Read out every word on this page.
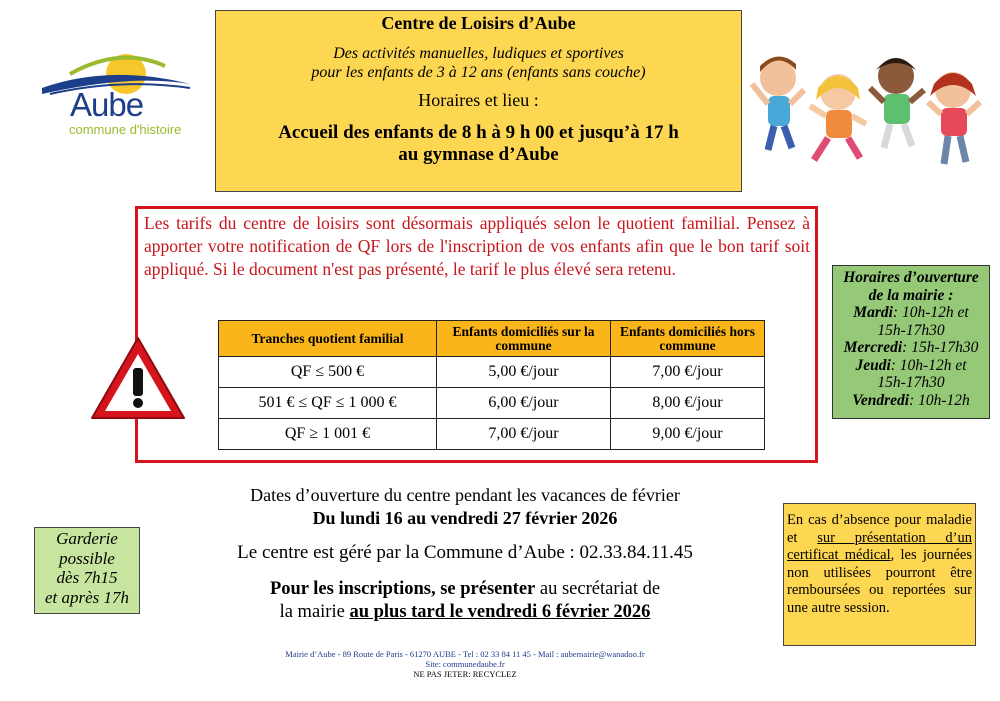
Aube
commune d'histoire
Centre de Loisirs d’Aube
Des activités manuelles, ludiques et sportives
pour les enfants de 3 à 12 ans (enfants sans couche)
Horaires et lieu :
Accueil des enfants de 8 h à 9 h 00 et jusqu’à 17 h
au gymnase d’Aube
Les tarifs du centre de loisirs sont désormais appliqués selon le quotient familial. Pensez à apporter votre notification de QF lors de l'inscription de vos enfants afin que le bon tarif soit appliqué. Si le document n'est pas présenté, le tarif le plus élevé sera retenu.
Tranches quotient familial	Enfants domiciliés sur la commune	Enfants domiciliés hors commune
QF ≤ 500 €	5,00 €/jour	7,00 €/jour
501 € ≤ QF ≤ 1 000 €	6,00 €/jour	8,00 €/jour
QF ≥ 1 001 €	7,00 €/jour	9,00 €/jour
Horaires d’ouverture
de la mairie :
Mardi: 10h-12h et
15h-17h30
Mercredi: 15h-17h30
Jeudi: 10h-12h et
15h-17h30
Vendredi: 10h-12h
Garderie
possible
dès 7h15
et après 17h
Dates d’ouverture du centre pendant les vacances de février
Du lundi 16 au vendredi 27 février 2026
Le centre est géré par la Commune d’Aube : 02.33.84.11.45
Pour les inscriptions, se présenter au secrétariat de
la mairie au plus tard le vendredi 6 février 2026
En cas d’absence pour maladie et sur présentation d’un certificat médical, les journées non utilisées pourront être remboursées ou reportées sur une autre session.
Mairie d’Aube - 89 Route de Paris - 61270 AUBE - Tel : 02 33 84 11 45 - Mail : aubemairie@wanadoo.fr
Site: communedaube.fr
NE PAS JETER: RECYCLEZ
